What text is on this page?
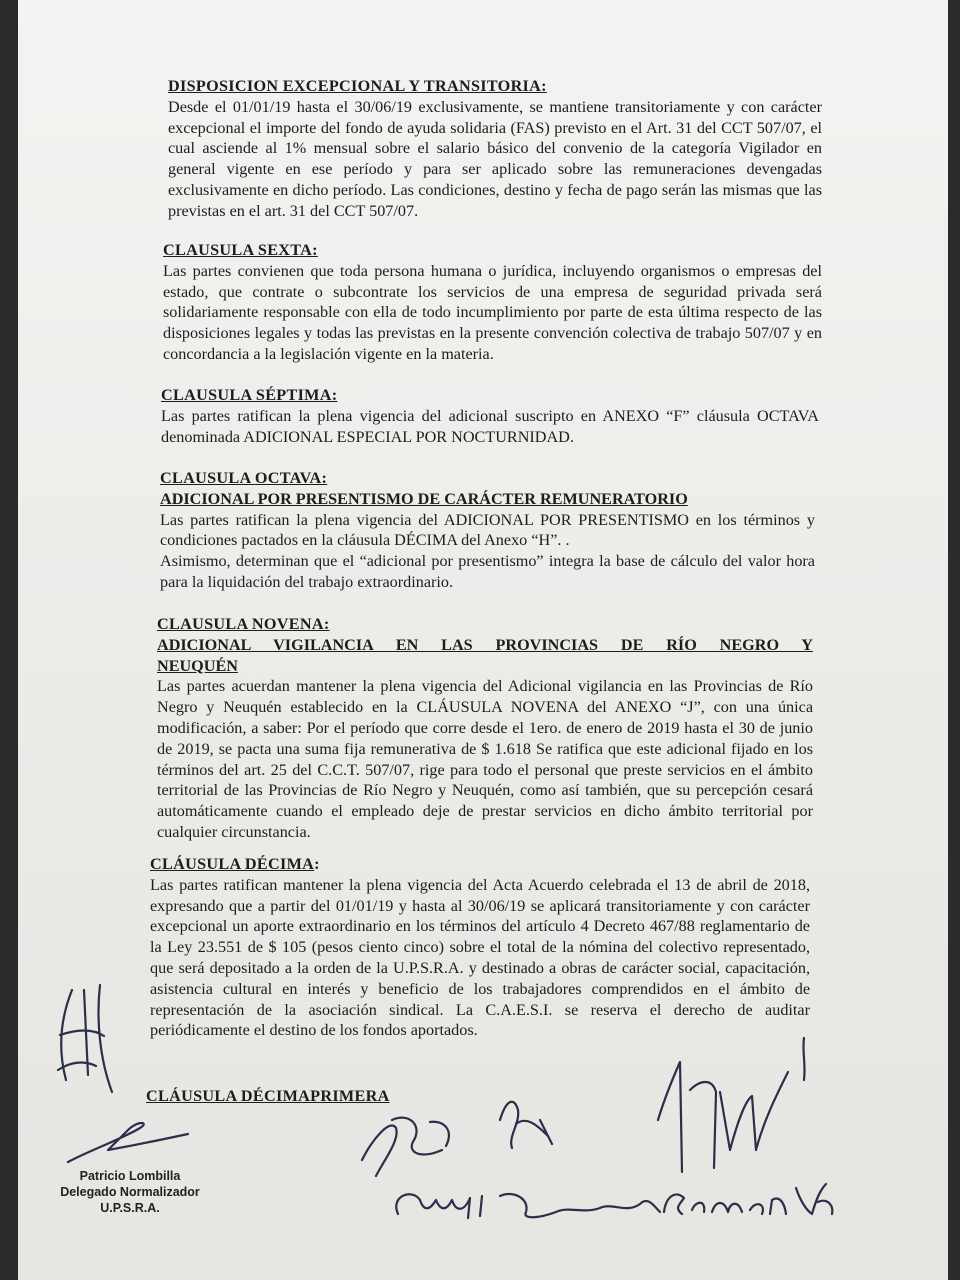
DISPOSICION EXCEPCIONAL Y TRANSITORIA:
Desde el 01/01/19 hasta el 30/06/19 exclusivamente, se mantiene transitoriamente y con carácter excepcional el importe del fondo de ayuda solidaria (FAS) previsto en el Art. 31 del CCT 507/07, el cual asciende al 1% mensual sobre el salario básico del convenio de la categoría Vigilador en general vigente en ese período y para ser aplicado sobre las remuneraciones devengadas exclusivamente en dicho período. Las condiciones, destino y fecha de pago serán las mismas que las previstas en el art. 31 del CCT 507/07.
CLAUSULA SEXTA:
Las partes convienen que toda persona humana o jurídica, incluyendo organismos o empresas del estado, que contrate o subcontrate los servicios de una empresa de seguridad privada será solidariamente responsable con ella de todo incumplimiento por parte de esta última respecto de las disposiciones legales y todas las previstas en la presente convención colectiva de trabajo 507/07 y en concordancia a la legislación vigente en la materia.
CLAUSULA SÉPTIMA:
Las partes ratifican la plena vigencia del adicional suscripto en ANEXO “F” cláusula OCTAVA denominada ADICIONAL ESPECIAL POR NOCTURNIDAD.
CLAUSULA OCTAVA:
ADICIONAL POR PRESENTISMO DE CARÁCTER REMUNERATORIO
Las partes ratifican la plena vigencia del ADICIONAL POR PRESENTISMO en los términos y condiciones pactados en la cláusula DÉCIMA del Anexo “H”. .
Asimismo, determinan que el “adicional por presentismo” integra la base de cálculo del valor hora para la liquidación del trabajo extraordinario.
CLAUSULA NOVENA:
ADICIONAL VIGILANCIA EN LAS PROVINCIAS DE RÍO NEGRO Y
NEUQUÉN
Las partes acuerdan mantener la plena vigencia del Adicional vigilancia en las Provincias de Río Negro y Neuquén establecido en la CLÁUSULA NOVENA del ANEXO “J”, con una única modificación, a saber: Por el período que corre desde el 1ero. de enero de 2019 hasta el 30 de junio de 2019, se pacta una suma fija remunerativa de $ 1.618 Se ratifica que este adicional fijado en los términos del art. 25 del C.C.T. 507/07, rige para todo el personal que preste servicios en el ámbito territorial de las Provincias de Río Negro y Neuquén, como así también, que su percepción cesará automáticamente cuando el empleado deje de prestar servicios en dicho ámbito territorial por cualquier circunstancia.
CLÁUSULA DÉCIMA:
Las partes ratifican mantener la plena vigencia del Acta Acuerdo celebrada el 13 de abril de 2018, expresando que a partir del 01/01/19 y hasta al 30/06/19 se aplicará transitoriamente y con carácter excepcional un aporte extraordinario en los términos del artículo 4 Decreto 467/88 reglamentario de la Ley 23.551 de $ 105 (pesos ciento cinco) sobre el total de la nómina del colectivo representado, que será depositado a la orden de la U.P.S.R.A. y destinado a obras de carácter social, capacitación, asistencia cultural en interés y beneficio de los trabajadores comprendidos en el ámbito de representación de la asociación sindical. La C.A.E.S.I. se reserva el derecho de auditar periódicamente el destino de los fondos aportados.
CLÁUSULA DÉCIMAPRIMERA
Patricio Lombilla
Delegado Normalizador
U.P.S.R.A.
